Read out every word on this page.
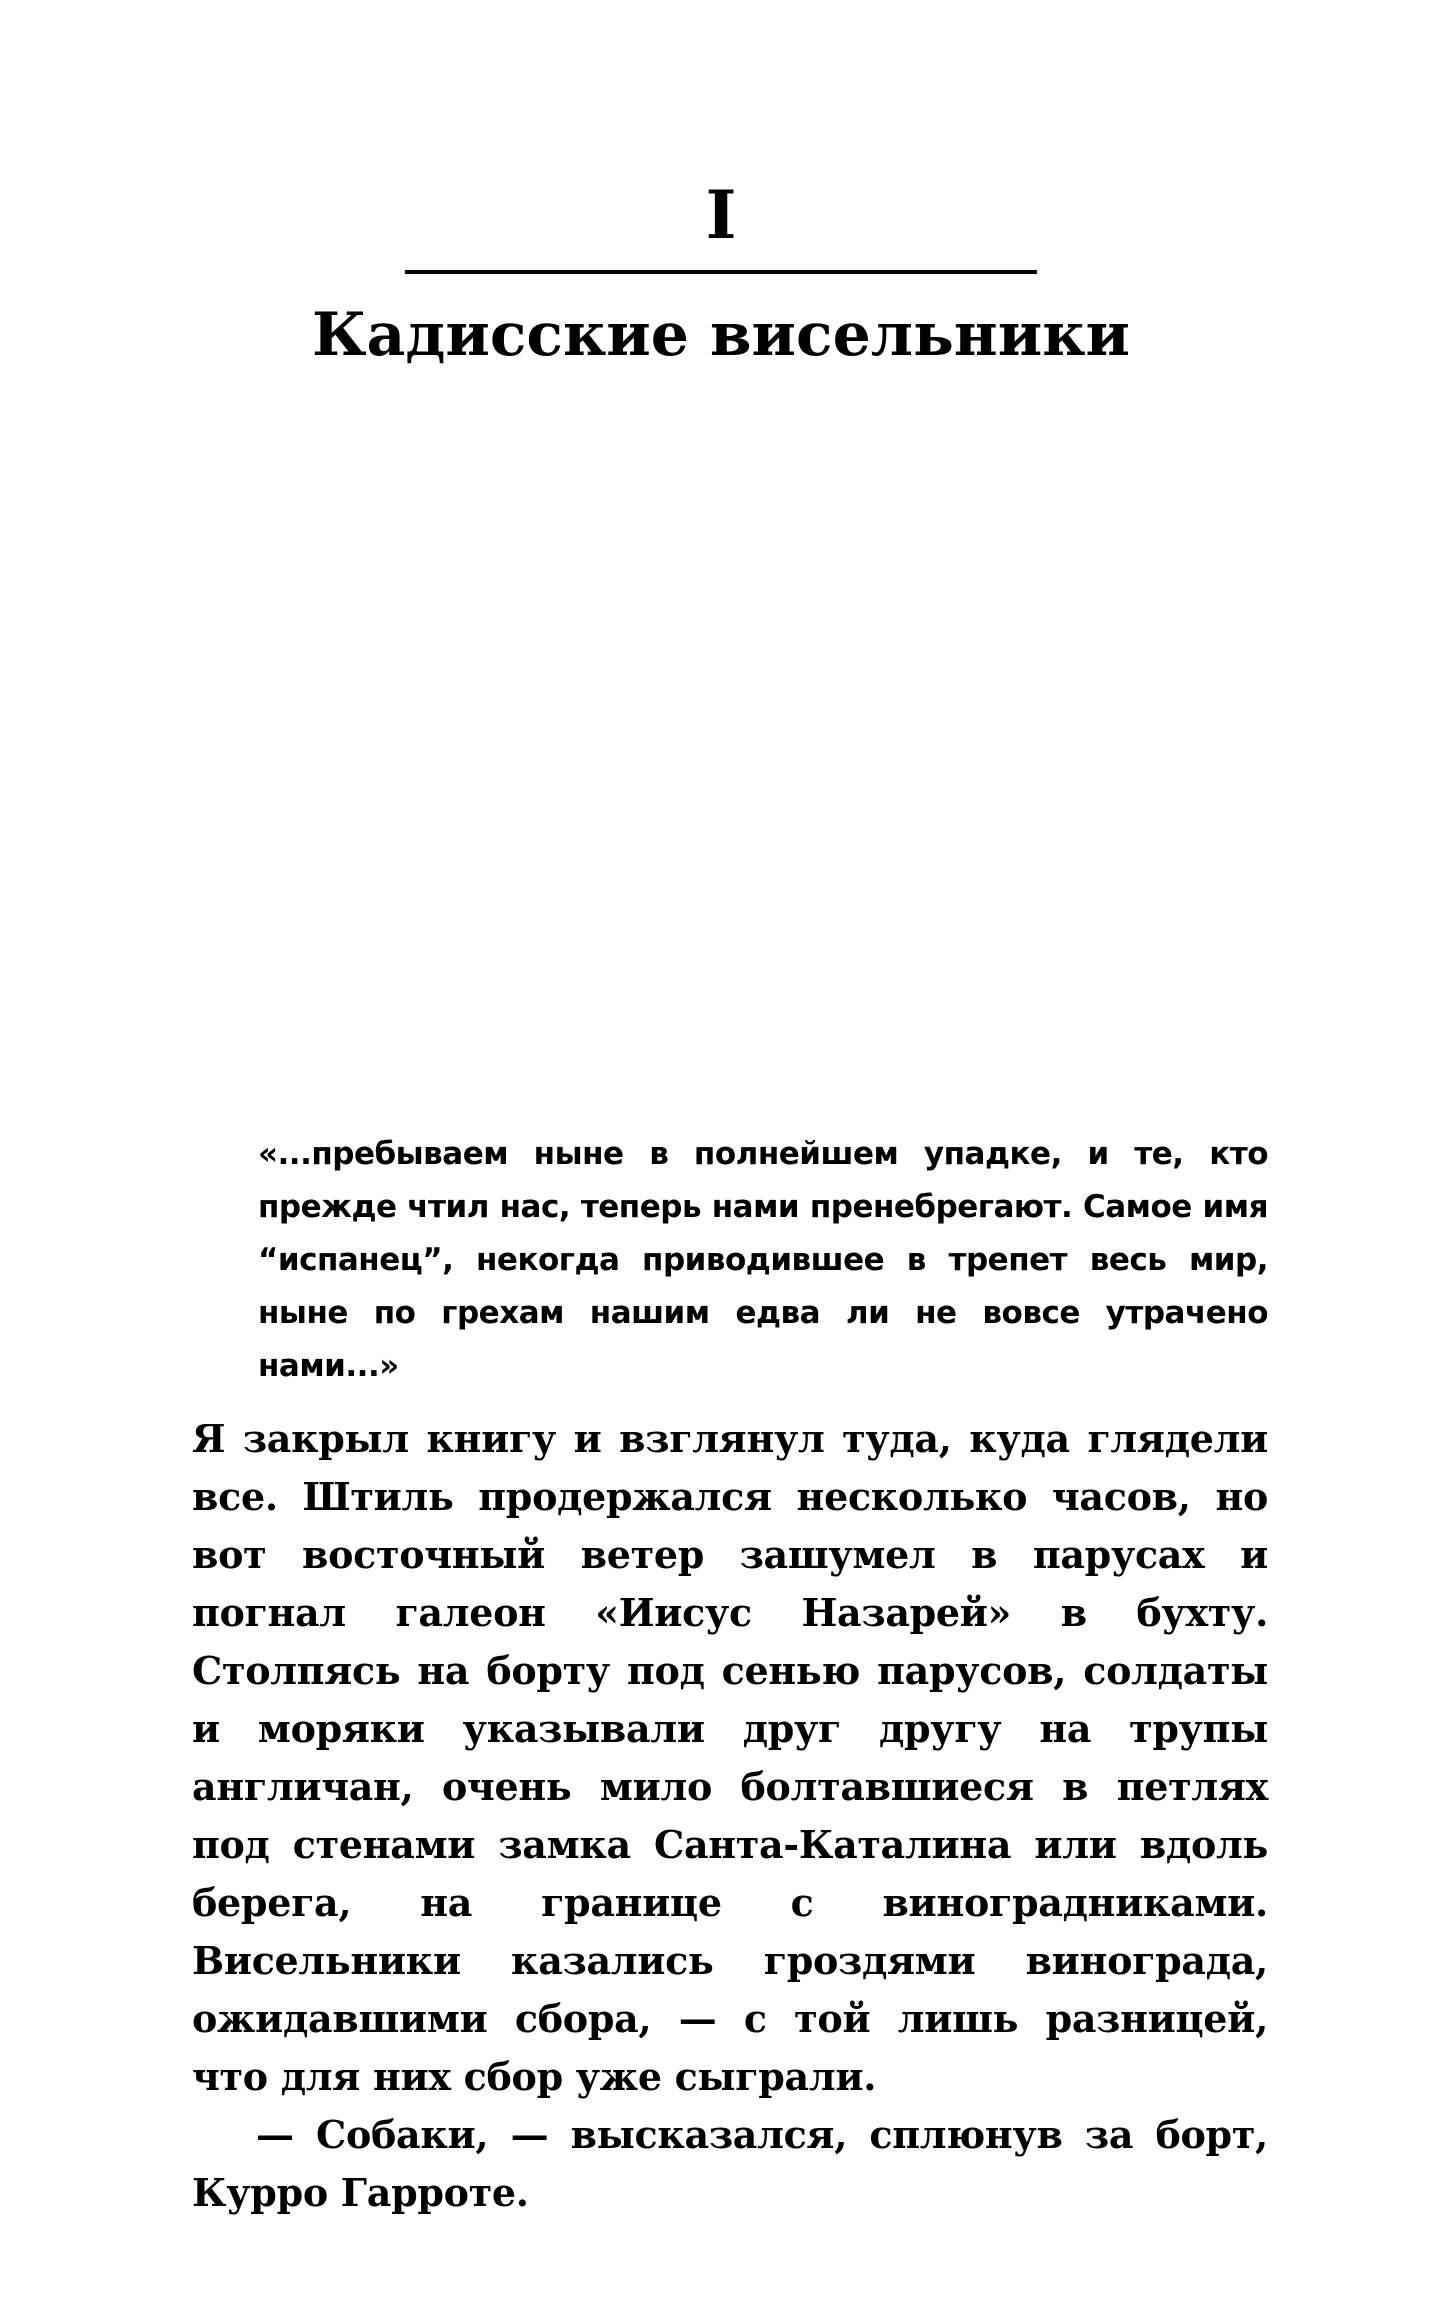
I
Кадисские висельники

«...пребываем ныне в полнейшем упадке, и те, кто прежде чтил нас, теперь нами пренебрегают. Самое имя “испанец”, некогда приводившее в трепет весь мир, ныне по грехам нашим едва ли не вовсе утрачено нами...»

Я закрыл книгу и взглянул туда, куда глядели все. Штиль продержался несколько часов, но вот восточный ветер зашумел в парусах и погнал галеон «Иисус Назарей» в бухту. Столпясь на борту под сенью парусов, солдаты и моряки указывали друг другу на трупы англичан, очень мило болтавшиеся в петлях под стенами замка Санта-Каталина или вдоль берега, на границе с виноградниками. Висельники казались гроздями винограда, ожидавшими сбора, — с той лишь разницей, что для них сбор уже сыграли.

— Собаки, — высказался, сплюнув за борт, Курро Гарроте.
